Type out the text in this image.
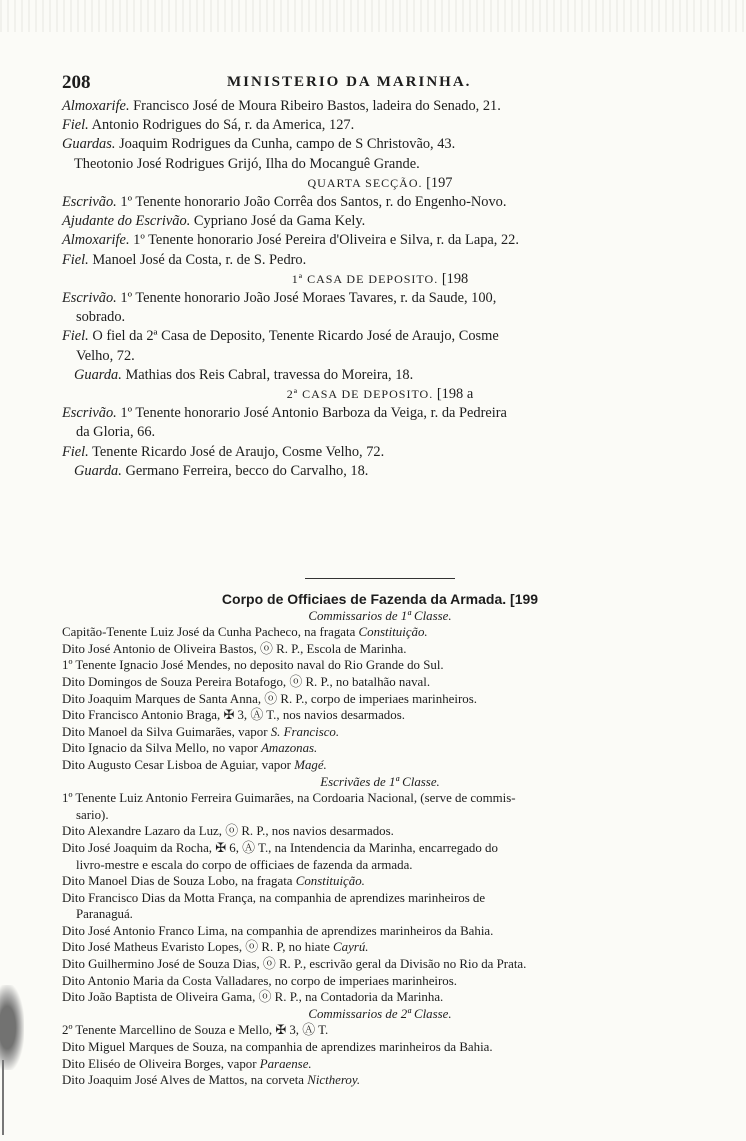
208	MINISTERIO DA MARINHA.
Almoxarife. Francisco José de Moura Ribeiro Bastos, ladeira do Senado, 21.
Fiel. Antonio Rodrigues do Sá, r. da America, 127.
Guardas. Joaquim Rodrigues da Cunha, campo de S Christovão, 43.
Theotonio José Rodrigues Grijó, Ilha do Mocanguê Grande.
QUARTA SECÇÃO. [197
Escrivão. 1º Tenente honorario João Corrêa dos Santos, r. do Engenho-Novo.
Ajudante do Escrivão. Cypriano José da Gama Kely.
Almoxarife. 1º Tenente honorario José Pereira d'Oliveira e Silva, r. da Lapa, 22.
Fiel. Manoel José da Costa, r. de S. Pedro.
1ª CASA DE DEPOSITO. [198
Escrivão. 1º Tenente honorario João José Moraes Tavares, r. da Saude, 100,
sobrado.
Fiel. O fiel da 2ª Casa de Deposito, Tenente Ricardo José de Araujo, Cosme
Velho, 72.
Guarda. Mathias dos Reis Cabral, travessa do Moreira, 18.
2ª CASA DE DEPOSITO. [198 a
Escrivão. 1º Tenente honorario José Antonio Barboza da Veiga, r. da Pedreira
da Gloria, 66.
Fiel. Tenente Ricardo José de Araujo, Cosme Velho, 72.
Guarda. Germano Ferreira, becco do Carvalho, 18.
Corpo de Officiaes de Fazenda da Armada. [199
Commissarios de 1ª Classe.
Capitão-Tenente Luiz José da Cunha Pacheco, na fragata Constituição.
Dito José Antonio de Oliveira Bastos, ⓞ R. P., Escola de Marinha.
1º Tenente Ignacio José Mendes, no deposito naval do Rio Grande do Sul.
Dito Domingos de Souza Pereira Botafogo, ⓞ R. P., no batalhão naval.
Dito Joaquim Marques de Santa Anna, ⓞ R. P., corpo de imperiaes marinheiros.
Dito Francisco Antonio Braga, ✠ 3, Ⓐ T., nos navios desarmados.
Dito Manoel da Silva Guimarães, vapor S. Francisco.
Dito Ignacio da Silva Mello, no vapor Amazonas.
Dito Augusto Cesar Lisboa de Aguiar, vapor Magé.
Escrivães de 1ª Classe.
1º Tenente Luiz Antonio Ferreira Guimarães, na Cordoaria Nacional, (serve de commis-
sario).
Dito Alexandre Lazaro da Luz, ⓞ R. P., nos navios desarmados.
Dito José Joaquim da Rocha, ✠ 6, Ⓐ T., na Intendencia da Marinha, encarregado do
livro-mestre e escala do corpo de officiaes de fazenda da armada.
Dito Manoel Dias de Souza Lobo, na fragata Constituição.
Dito Francisco Dias da Motta França, na companhia de aprendizes marinheiros de
Paranaguá.
Dito José Antonio Franco Lima, na companhia de aprendizes marinheiros da Bahia.
Dito José Matheus Evaristo Lopes, ⓞ R. P, no hiate Cayrú.
Dito Guilhermino José de Souza Dias, ⓞ R. P., escrivão geral da Divisão no Rio da Prata.
Dito Antonio Maria da Costa Valladares, no corpo de imperiaes marinheiros.
Dito João Baptista de Oliveira Gama, ⓞ R. P., na Contadoria da Marinha.
Commissarios de 2ª Classe.
2º Tenente Marcellino de Souza e Mello, ✠ 3, Ⓐ T.
Dito Miguel Marques de Souza, na companhia de aprendizes marinheiros da Bahia.
Dito Eliséo de Oliveira Borges, vapor Paraense.
Dito Joaquim José Alves de Mattos, na corveta Nictheroy.
